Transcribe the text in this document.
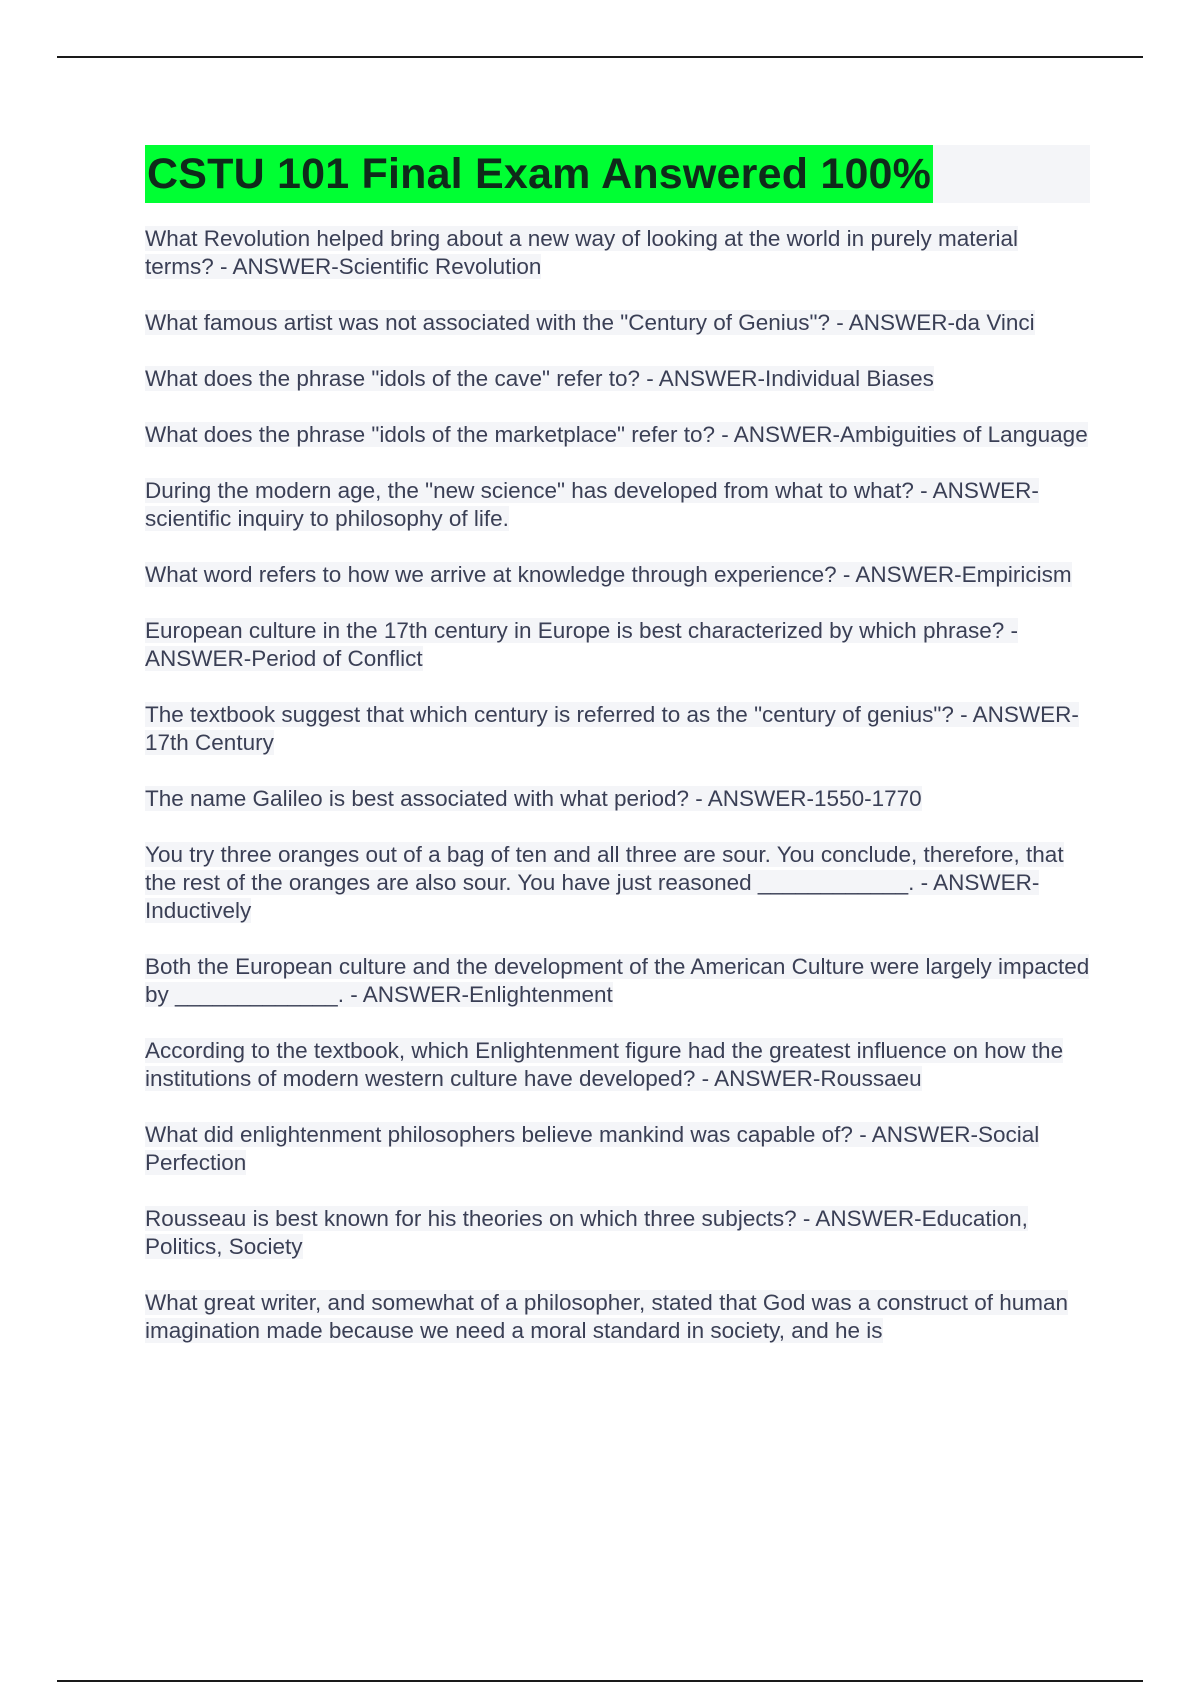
CSTU 101 Final Exam Answered 100%

What Revolution helped bring about a new way of looking at the world in purely material terms? - ANSWER-Scientific Revolution

What famous artist was not associated with the "Century of Genius"? - ANSWER-da Vinci

What does the phrase "idols of the cave" refer to? - ANSWER-Individual Biases

What does the phrase "idols of the marketplace" refer to? - ANSWER-Ambiguities of Language

During the modern age, the "new science" has developed from what to what? - ANSWER-scientific inquiry to philosophy of life.

What word refers to how we arrive at knowledge through experience? - ANSWER-Empiricism

European culture in the 17th century in Europe is best characterized by which phrase? - ANSWER-Period of Conflict

The textbook suggest that which century is referred to as the "century of genius"? - ANSWER-17th Century

The name Galileo is best associated with what period? - ANSWER-1550-1770

You try three oranges out of a bag of ten and all three are sour. You conclude, therefore, that the rest of the oranges are also sour. You have just reasoned ____________. - ANSWER-Inductively

Both the European culture and the development of the American Culture were largely impacted by _____________. - ANSWER-Enlightenment

According to the textbook, which Enlightenment figure had the greatest influence on how the institutions of modern western culture have developed? - ANSWER-Roussaeu

What did enlightenment philosophers believe mankind was capable of? - ANSWER-Social Perfection

Rousseau is best known for his theories on which three subjects? - ANSWER-Education, Politics, Society

What great writer, and somewhat of a philosopher, stated that God was a construct of human imagination made because we need a moral standard in society, and he is
